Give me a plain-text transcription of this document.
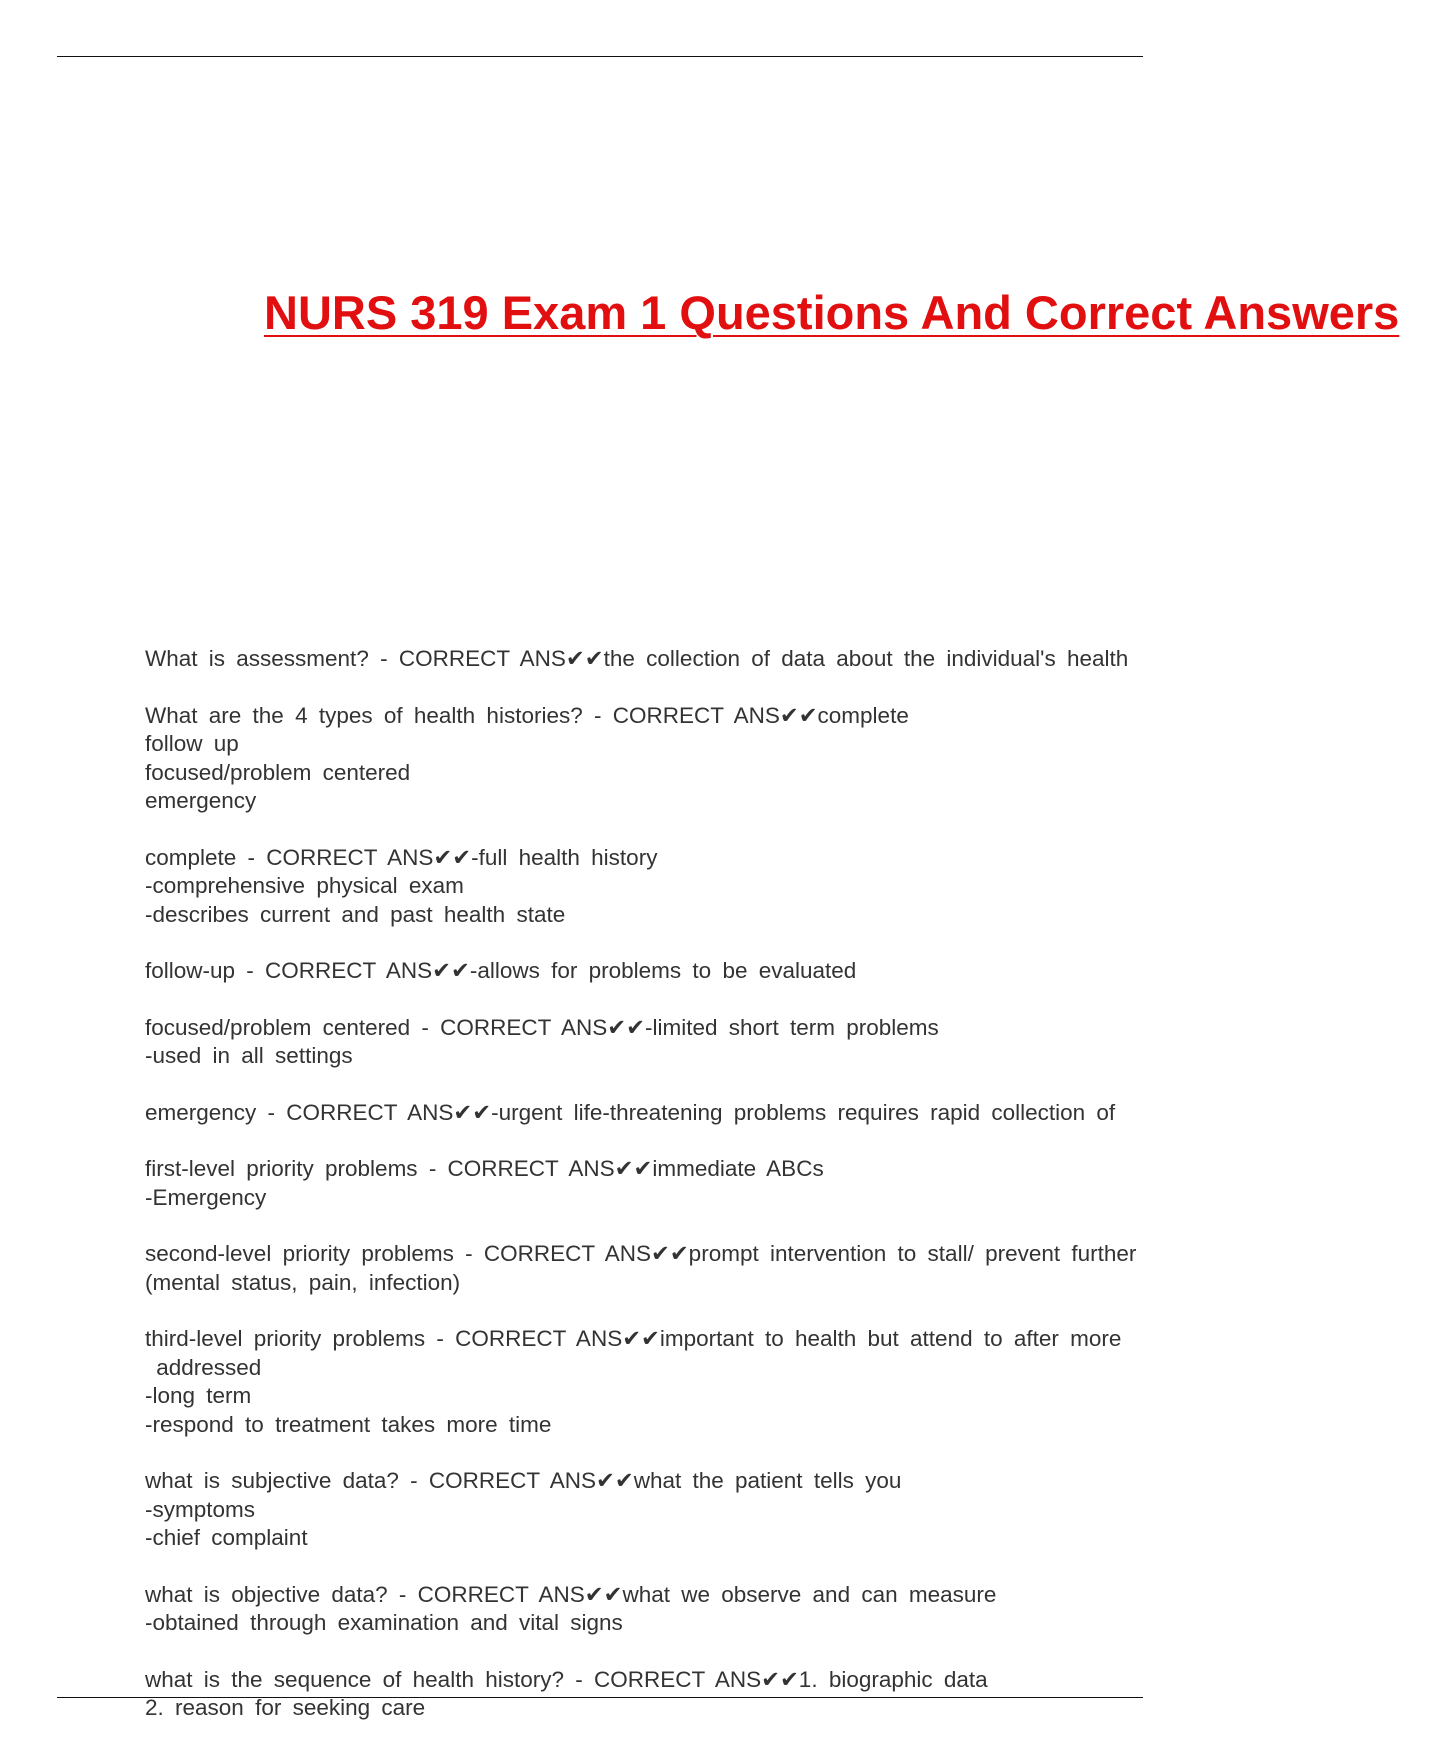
NURS 319 Exam 1 Questions And Correct Answers
What is assessment? - CORRECT ANS✔✔the collection of data about the individual's health
What are the 4 types of health histories? - CORRECT ANS✔✔complete
follow up
focused/problem centered
emergency
complete - CORRECT ANS✔✔-full health history
-comprehensive physical exam
-describes current and past health state
follow-up - CORRECT ANS✔✔-allows for problems to be evaluated
focused/problem centered - CORRECT ANS✔✔-limited short term problems
-used in all settings
emergency - CORRECT ANS✔✔-urgent life-threatening problems requires rapid collection of
first-level priority problems - CORRECT ANS✔✔immediate ABCs
-Emergency
second-level priority problems - CORRECT ANS✔✔prompt intervention to stall/ prevent further
(mental status, pain, infection)
third-level priority problems - CORRECT ANS✔✔important to health but attend to after more
addressed
-long term
-respond to treatment takes more time
what is subjective data? - CORRECT ANS✔✔what the patient tells you
-symptoms
-chief complaint
what is objective data? - CORRECT ANS✔✔what we observe and can measure
-obtained through examination and vital signs
what is the sequence of health history? - CORRECT ANS✔✔1. biographic data
2. reason for seeking care
